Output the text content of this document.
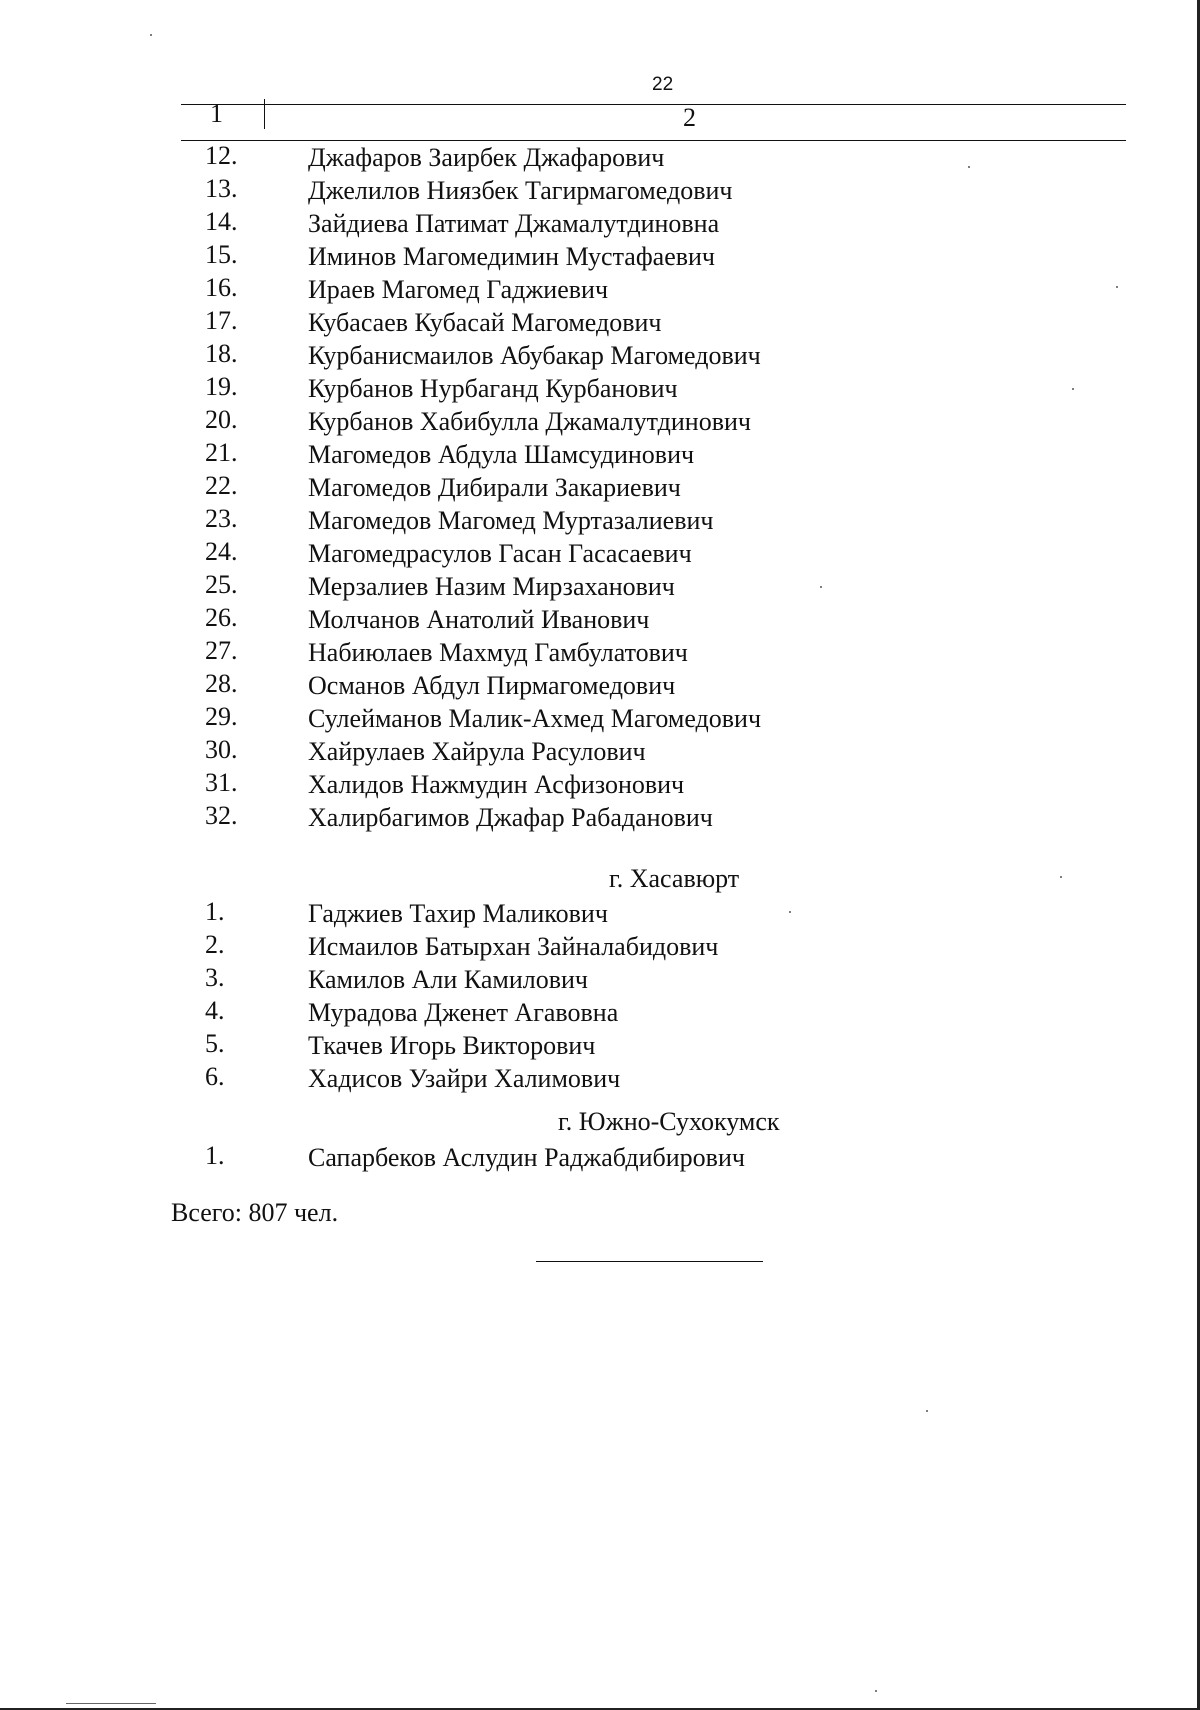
22
1	2
12.	Джафаров Заирбек Джафарович
13.	Джелилов Ниязбек Тагирмагомедович
14.	Зайдиева Патимат Джамалутдиновна
15.	Иминов Магомедимин Мустафаевич
16.	Ираев Магомед Гаджиевич
17.	Кубасаев Кубасай Магомедович
18.	Курбанисмаилов Абубакар Магомедович
19.	Курбанов Нурбаганд Курбанович
20.	Курбанов Хабибулла Джамалутдинович
21.	Магомедов Абдула Шамсудинович
22.	Магомедов Дибирали Закариевич
23.	Магомедов Магомед Муртазалиевич
24.	Магомедрасулов Гасан Гасасаевич
25.	Мерзалиев Назим Мирзаханович
26.	Молчанов Анатолий Иванович
27.	Набиюлаев Махмуд Гамбулатович
28.	Османов Абдул Пирмагомедович
29.	Сулейманов Малик-Ахмед Магомедович
30.	Хайрулаев Хайрула Расулович
31.	Халидов Нажмудин Асфизонович
32.	Халирбагимов Джафар Рабаданович
г. Хасавюрт
1.	Гаджиев Тахир Маликович
2.	Исмаилов Батырхан Зайналабидович
3.	Камилов Али Камилович
4.	Мурадова Дженет Агавовна
5.	Ткачев Игорь Викторович
6.	Хадисов Узайри Халимович
г. Южно-Сухокумск
1.	Сапарбеков Аслудин Раджабдибирович
Всего: 807 чел.
